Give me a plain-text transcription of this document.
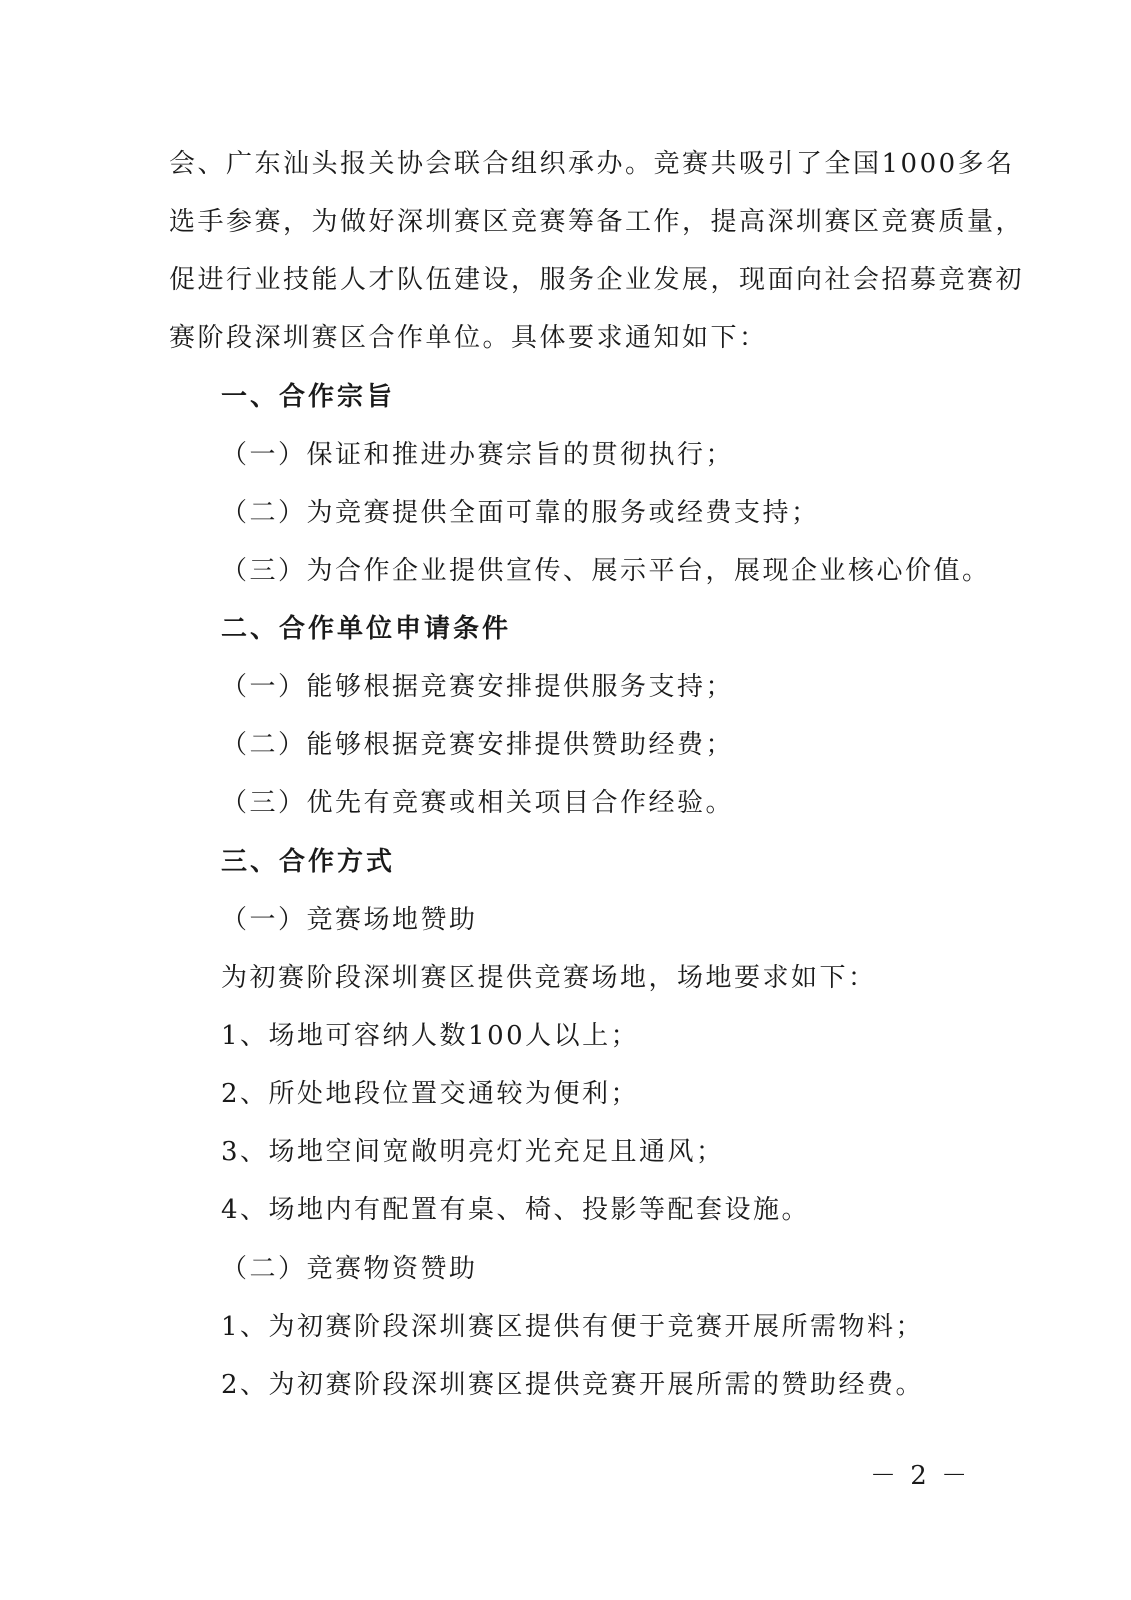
会、广东汕头报关协会联合组织承办。竞赛共吸引了全国1000多名
选手参赛，为做好深圳赛区竞赛筹备工作，提高深圳赛区竞赛质量，
促进行业技能人才队伍建设，服务企业发展，现面向社会招募竞赛初
赛阶段深圳赛区合作单位。具体要求通知如下：
一、合作宗旨
（一）保证和推进办赛宗旨的贯彻执行；
（二）为竞赛提供全面可靠的服务或经费支持；
（三）为合作企业提供宣传、展示平台，展现企业核心价值。
二、合作单位申请条件
（一）能够根据竞赛安排提供服务支持；
（二）能够根据竞赛安排提供赞助经费；
（三）优先有竞赛或相关项目合作经验。
三、合作方式
（一）竞赛场地赞助
为初赛阶段深圳赛区提供竞赛场地，场地要求如下：
1、场地可容纳人数100人以上；
2、所处地段位置交通较为便利；
3、场地空间宽敞明亮灯光充足且通风；
4、场地内有配置有桌、椅、投影等配套设施。
（二）竞赛物资赞助
1、为初赛阶段深圳赛区提供有便于竞赛开展所需物料；
2、为初赛阶段深圳赛区提供竞赛开展所需的赞助经费。
－ 2 －
